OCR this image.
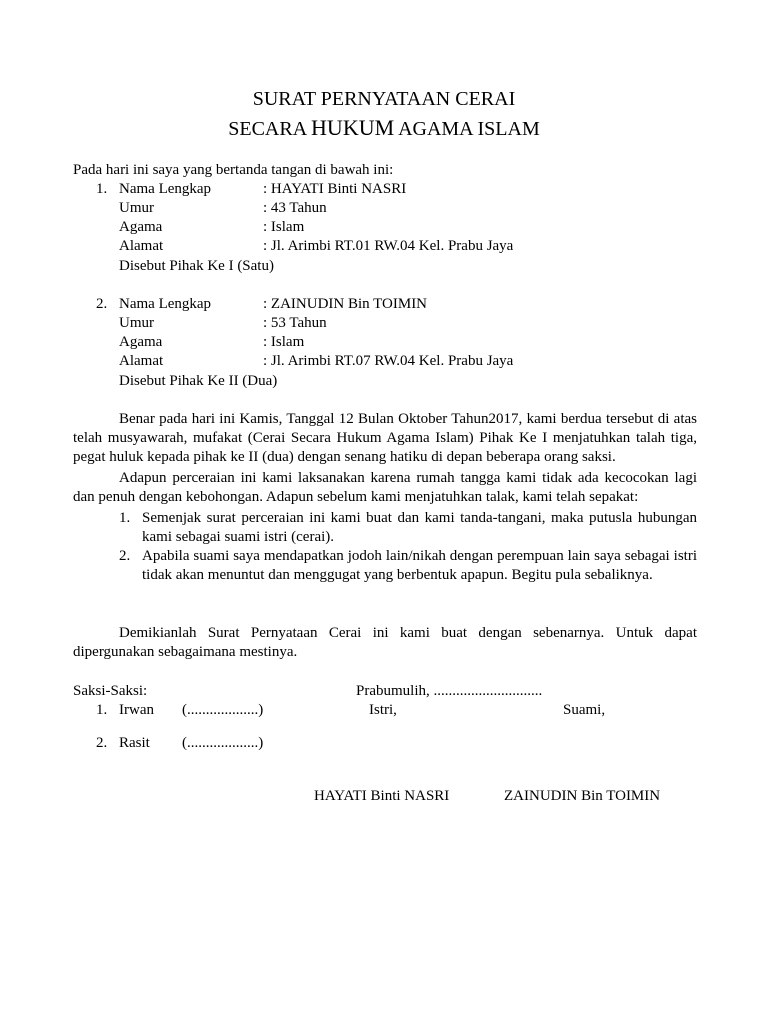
SURAT PERNYATAAN CERAI
SECARA HUKUM AGAMA ISLAM
Pada hari ini saya yang bertanda tangan di bawah ini:
1. Nama Lengkap	: HAYATI Binti NASRI
Umur	: 43 Tahun
Agama	: Islam
Alamat	: Jl. Arimbi RT.01 RW.04 Kel. Prabu Jaya
Disebut Pihak Ke I (Satu)
2. Nama Lengkap	: ZAINUDIN Bin TOIMIN
Umur	: 53 Tahun
Agama	: Islam
Alamat	: Jl. Arimbi RT.07 RW.04 Kel. Prabu Jaya
Disebut Pihak Ke II (Dua)
Benar pada hari ini Kamis, Tanggal 12 Bulan Oktober Tahun2017, kami berdua tersebut di atas telah musyawarah, mufakat (Cerai Secara Hukum Agama Islam) Pihak Ke I menjatuhkan talah tiga, pegat huluk kepada pihak ke II (dua) dengan senang hatiku di depan beberapa orang saksi.
Adapun perceraian ini kami laksanakan karena rumah tangga kami tidak ada kecocokan lagi dan penuh dengan kebohongan. Adapun sebelum kami menjatuhkan talak, kami telah sepakat:
1. Semenjak surat perceraian ini kami buat dan kami tanda-tangani, maka putusla hubungan kami sebagai suami istri (cerai).
2. Apabila suami saya mendapatkan jodoh lain/nikah dengan perempuan lain saya sebagai istri tidak akan menuntut dan menggugat yang berbentuk apapun. Begitu pula sebaliknya.
Demikianlah Surat Pernyataan Cerai ini kami buat dengan sebenarnya. Untuk dapat dipergunakan sebagaimana mestinya.
Saksi-Saksi:
1. Irwan (...................)
2. Rasit (...................)
Prabumulih, .............................
Istri,	Suami,
HAYATI Binti NASRI	ZAINUDIN Bin TOIMIN
